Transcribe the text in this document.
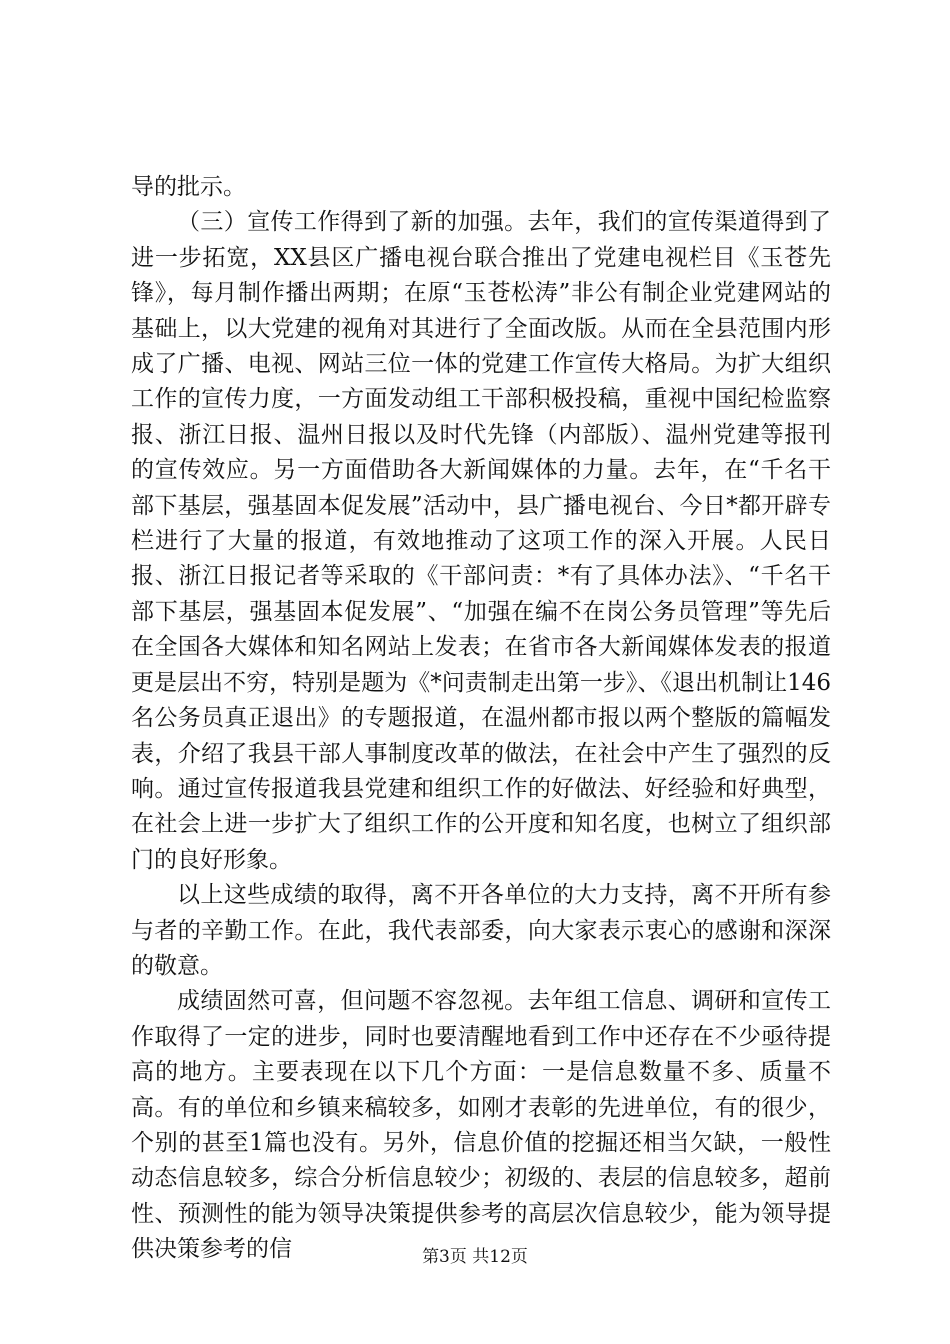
导的批示。

（三）宣传工作得到了新的加强。去年，我们的宣传渠道得到了进一步拓宽，XX县区广播电视台联合推出了党建电视栏目《玉苍先锋》，每月制作播出两期；在原“玉苍松涛”非公有制企业党建网站的基础上，以大党建的视角对其进行了全面改版。从而在全县范围内形成了广播、电视、网站三位一体的党建工作宣传大格局。为扩大组织工作的宣传力度，一方面发动组工干部积极投稿，重视中国纪检监察报、浙江日报、温州日报以及时代先锋（内部版）、温州党建等报刊的宣传效应。另一方面借助各大新闻媒体的力量。去年，在“千名干部下基层，强基固本促发展”活动中，县广播电视台、今日*都开辟专栏进行了大量的报道，有效地推动了这项工作的深入开展。人民日报、浙江日报记者等采取的《干部问责：*有了具体办法》、“千名干部下基层，强基固本促发展”、“加强在编不在岗公务员管理”等先后在全国各大媒体和知名网站上发表；在省市各大新闻媒体发表的报道更是层出不穷，特别是题为《*问责制走出第一步》、《退出机制让146名公务员真正退出》的专题报道，在温州都市报以两个整版的篇幅发表，介绍了我县干部人事制度改革的做法，在社会中产生了强烈的反响。通过宣传报道我县党建和组织工作的好做法、好经验和好典型，在社会上进一步扩大了组织工作的公开度和知名度，也树立了组织部门的良好形象。

以上这些成绩的取得，离不开各单位的大力支持，离不开所有参与者的辛勤工作。在此，我代表部委，向大家表示衷心的感谢和深深的敬意。

成绩固然可喜，但问题不容忽视。去年组工信息、调研和宣传工作取得了一定的进步，同时也要清醒地看到工作中还存在不少亟待提高的地方。主要表现在以下几个方面：一是信息数量不多、质量不高。有的单位和乡镇来稿较多，如刚才表彰的先进单位，有的很少，个别的甚至1篇也没有。另外，信息价值的挖掘还相当欠缺，一般性动态信息较多，综合分析信息较少；初级的、表层的信息较多，超前性、预测性的能为领导决策提供参考的高层次信息较少，能为领导提供决策参考的信	第3页 共12页
